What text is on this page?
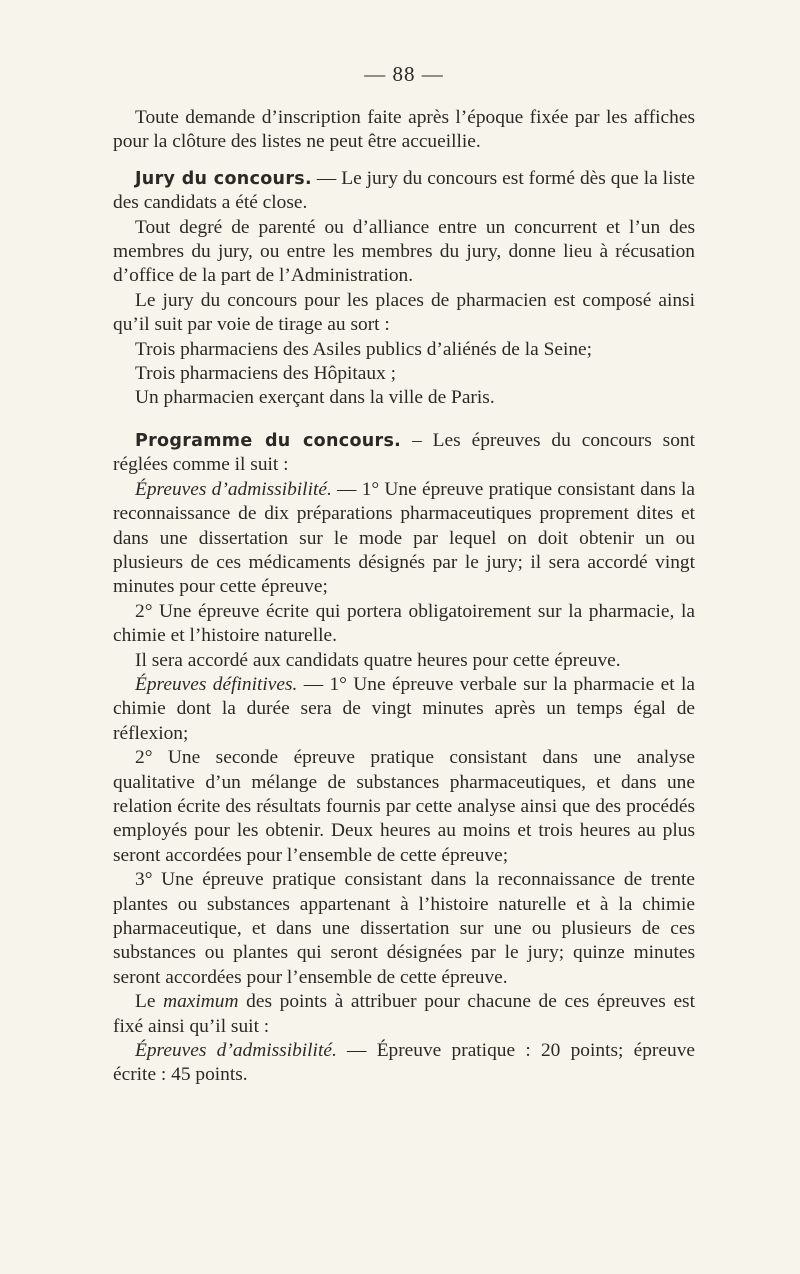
— 88 —

Toute demande d’inscription faite après l’époque fixée par les affiches pour la clôture des listes ne peut être accueillie.

Jury du concours. — Le jury du concours est formé dès que la liste des candidats a été close.

Tout degré de parenté ou d’alliance entre un concurrent et l’un des membres du jury, ou entre les membres du jury, donne lieu à récusation d’office de la part de l’Administration.

Le jury du concours pour les places de pharmacien est composé ainsi qu’il suit par voie de tirage au sort :

Trois pharmaciens des Asiles publics d’aliénés de la Seine;

Trois pharmaciens des Hôpitaux ;

Un pharmacien exerçant dans la ville de Paris.

Programme du concours. – Les épreuves du concours sont réglées comme il suit :

Épreuves d’admissibilité. — 1° Une épreuve pratique consistant dans la reconnaissance de dix préparations pharmaceutiques proprement dites et dans une dissertation sur le mode par lequel on doit obtenir un ou plusieurs de ces médicaments désignés par le jury; il sera accordé vingt minutes pour cette épreuve;

2° Une épreuve écrite qui portera obligatoirement sur la pharmacie, la chimie et l’histoire naturelle.

Il sera accordé aux candidats quatre heures pour cette épreuve.

Épreuves définitives. — 1° Une épreuve verbale sur la pharmacie et la chimie dont la durée sera de vingt minutes après un temps égal de réflexion;

2° Une seconde épreuve pratique consistant dans une analyse qualitative d’un mélange de substances pharmaceutiques, et dans une relation écrite des résultats fournis par cette analyse ainsi que des procédés employés pour les obtenir. Deux heures au moins et trois heures au plus seront accordées pour l’ensemble de cette épreuve;

3° Une épreuve pratique consistant dans la reconnaissance de trente plantes ou substances appartenant à l’histoire naturelle et à la chimie pharmaceutique, et dans une dissertation sur une ou plusieurs de ces substances ou plantes qui seront désignées par le jury; quinze minutes seront accordées pour l’ensemble de cette épreuve.

Le maximum des points à attribuer pour chacune de ces épreuves est fixé ainsi qu’il suit :

Épreuves d’admissibilité. — Épreuve pratique : 20 points; épreuve écrite : 45 points.
